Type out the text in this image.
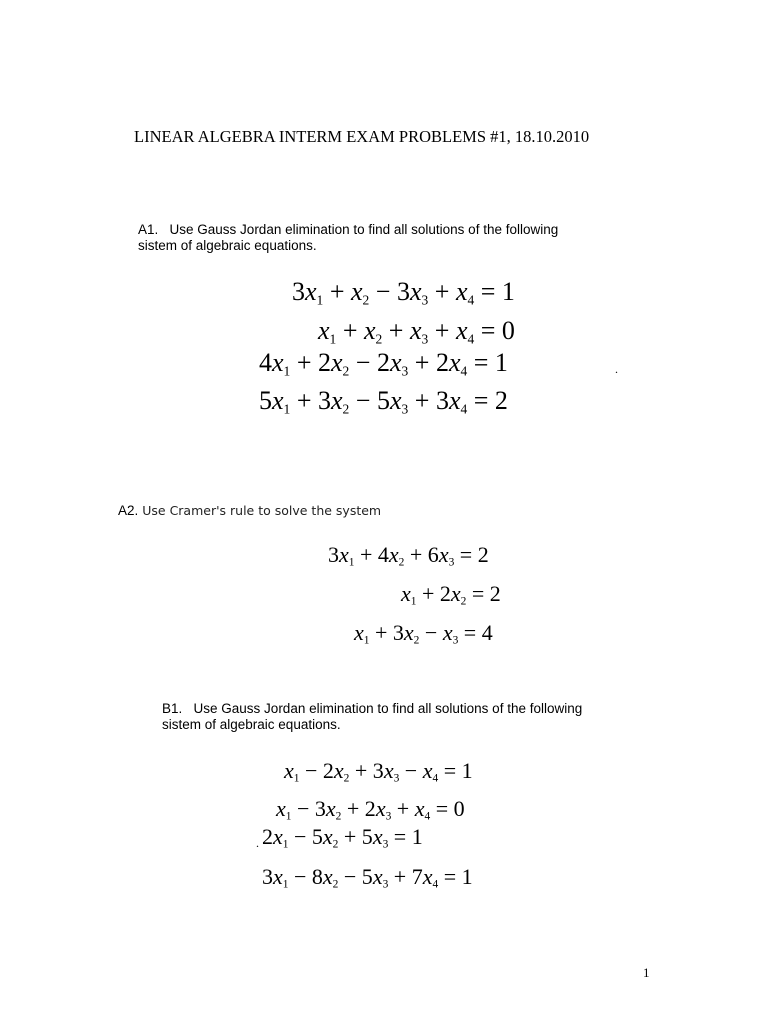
LINEAR ALGEBRA INTERM EXAM PROBLEMS #1, 18.10.2010
A1. Use Gauss Jordan elimination to find all solutions of the following
sistem of algebraic equations.
$3x_1 + x_2 - 3x_3 + x_4 = 1$
$x_1 + x_2 + x_3 + x_4 = 0$
$4x_1 + 2x_2 - 2x_3 + 2x_4 = 1$	.
$5x_1 + 3x_2 - 5x_3 + 3x_4 = 2$
A2. Use Cramer's rule to solve the system
$3x_1 + 4x_2 + 6x_3 = 2$
$x_1 + 2x_2 = 2$
$x_1 + 3x_2 - x_3 = 4$
B1. Use Gauss Jordan elimination to find all solutions of the following
sistem of algebraic equations.
$x_1 - 2x_2 + 3x_3 - x_4 = 1$
$x_1 - 3x_2 + 2x_3 + x_4 = 0$
. $2x_1 - 5x_2 + 5x_3 = 1$
$3x_1 - 8x_2 - 5x_3 + 7x_4 = 1$
1
